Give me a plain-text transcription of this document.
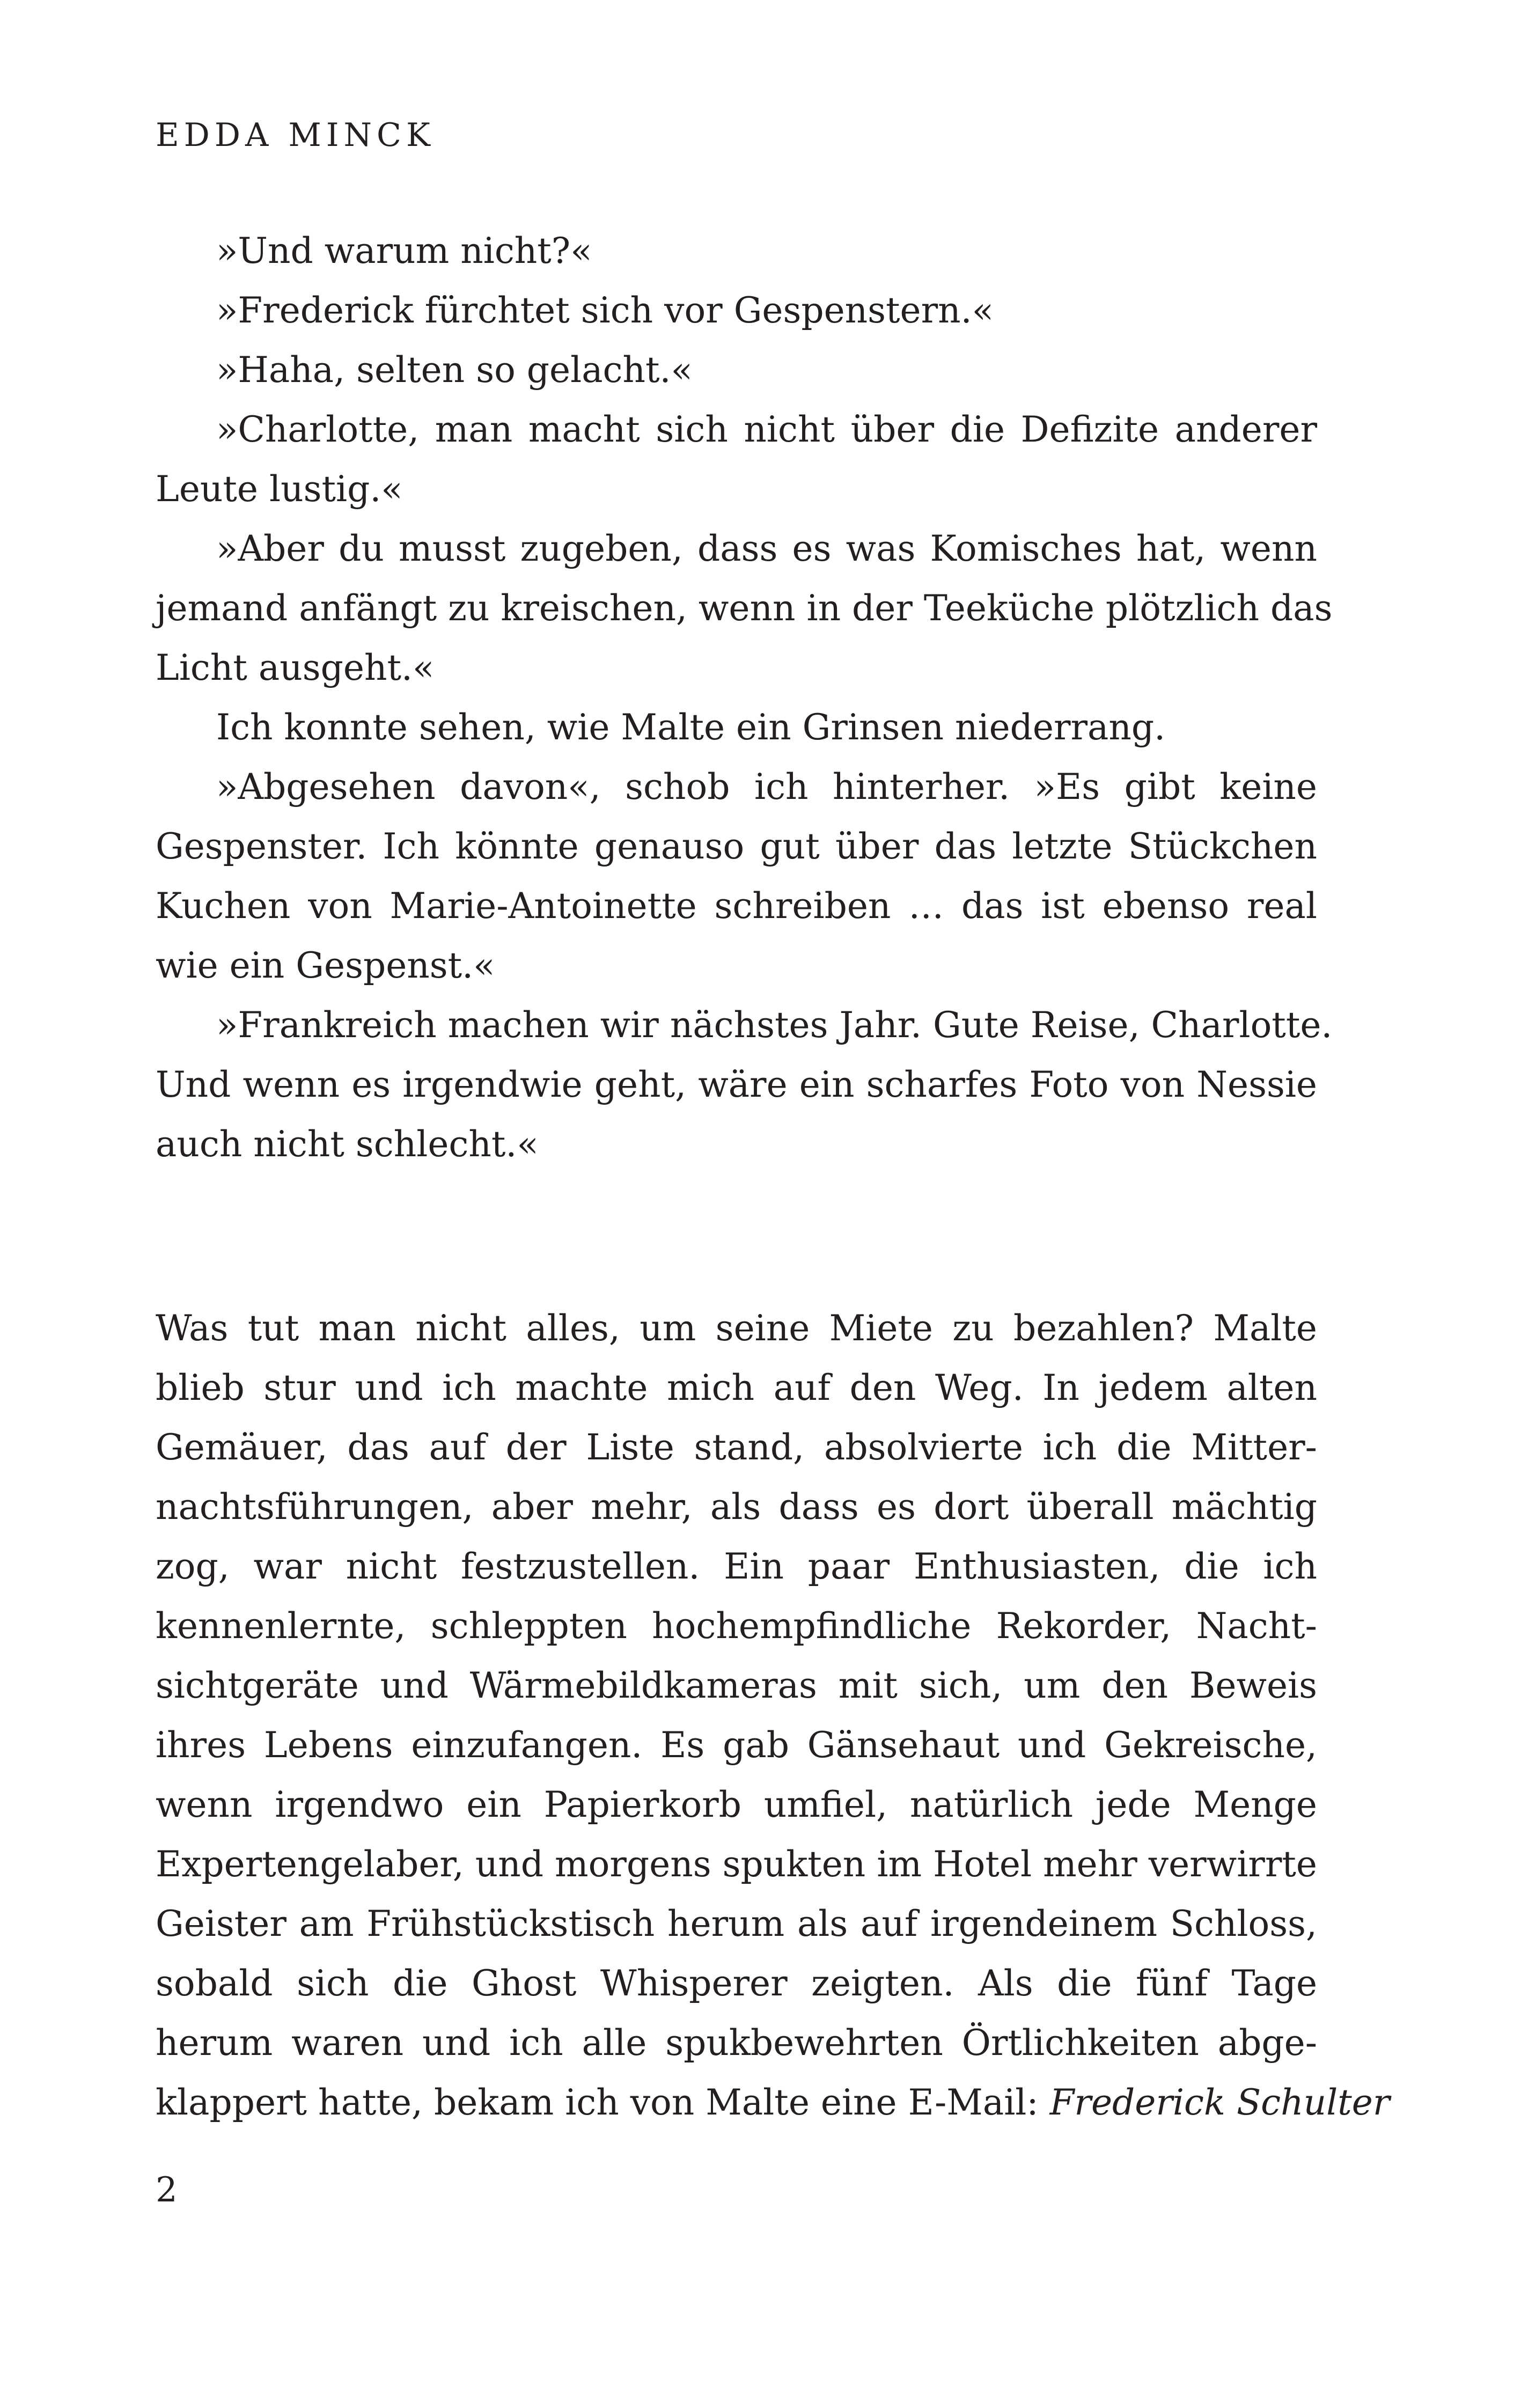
EDDA MINCK
»Und warum nicht?«
»Frederick fürchtet sich vor Gespenstern.«
»Haha, selten so gelacht.«
»Charlotte, man macht sich nicht über die Defizite anderer
Leute lustig.«
»Aber du musst zugeben, dass es was Komisches hat, wenn
jemand anfängt zu kreischen, wenn in der Teeküche plötzlich das
Licht ausgeht.«
Ich konnte sehen, wie Malte ein Grinsen niederrang.
»Abgesehen davon«, schob ich hinterher. »Es gibt keine
Gespenster. Ich könnte genauso gut über das letzte Stückchen
Kuchen von Marie-Antoinette schreiben … das ist ebenso real
wie ein Gespenst.«
»Frankreich machen wir nächstes Jahr. Gute Reise, Charlotte.
Und wenn es irgendwie geht, wäre ein scharfes Foto von Nessie
auch nicht schlecht.«
Was tut man nicht alles, um seine Miete zu bezahlen? Malte
blieb stur und ich machte mich auf den Weg. In jedem alten
Gemäuer, das auf der Liste stand, absolvierte ich die Mitter-
nachtsführungen, aber mehr, als dass es dort überall mächtig
zog, war nicht festzustellen. Ein paar Enthusiasten, die ich
kennenlernte, schleppten hochempfindliche Rekorder, Nacht-
sichtgeräte und Wärmebildkameras mit sich, um den Beweis
ihres Lebens einzufangen. Es gab Gänsehaut und Gekreische,
wenn irgendwo ein Papierkorb umfiel, natürlich jede Menge
Expertengelaber, und morgens spukten im Hotel mehr verwirrte
Geister am Frühstückstisch herum als auf irgendeinem Schloss,
sobald sich die Ghost Whisperer zeigten. Als die fünf Tage
herum waren und ich alle spukbewehrten Örtlichkeiten abge-
klappert hatte, bekam ich von Malte eine E-Mail: Frederick Schulter
2
